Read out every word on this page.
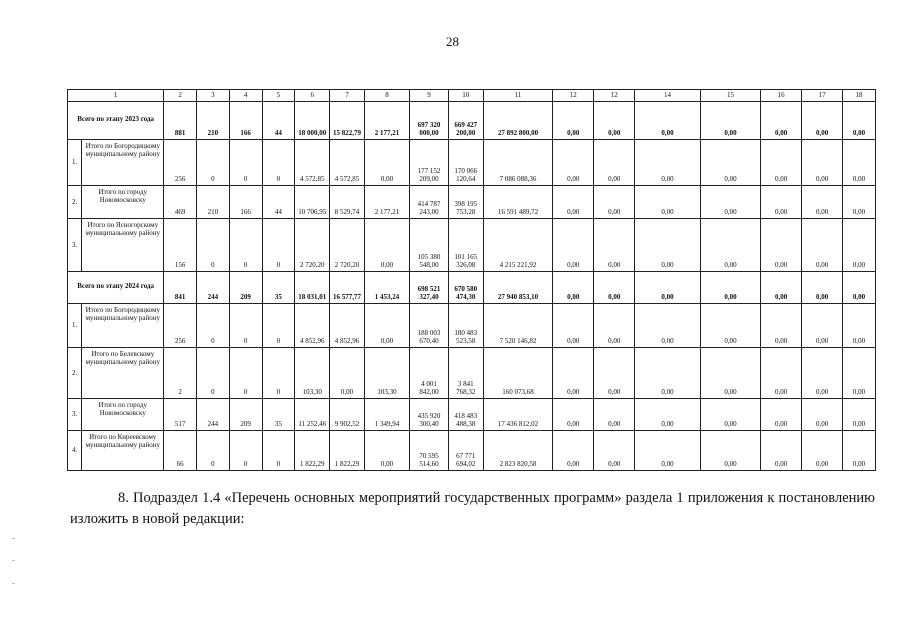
28
1		2	3	4	5	6	7	8	9	10	11	12	12	14	15	16	17	18
Всего по этапу 2023 года		881	210	166	44	18 000,00	15 822,79	2 177,21	697 320 000,00	669 427 200,00	27 892 800,00	0,00	0,00	0,00	0,00	0,00	0,00	0,00
1.	Итого по Богородицкому муниципальному району	256	0	0	0	4 572,85	4 572,85	0,00	177 152 209,00	170 066 120,64	7 086 088,36	0,00	0,00	0,00	0,00	0,00	0,00	0,00
2.	Итого по городу Новомосковску	469	210	166	44	10 706,95	8 529,74	2 177,21	414 787 243,00	398 195 753,28	16 591 489,72	0,00	0,00	0,00	0,00	0,00	0,00	0,00
3.	Итого по Ясногорскому муниципальному району	156	0	0	0	2 720,20	2 720,20	0,00	105 380 548,00	101 165 326,08	4 215 221,92	0,00	0,00	0,00	0,00	0,00	0,00	0,00
Всего по этапу 2024 года		841	244	209	35	18 031,01	16 577,77	1 453,24	698 521 327,40	670 580 474,30	27 940 853,10	0,00	0,00	0,00	0,00	0,00	0,00	0,00
1.	Итого по Богородицкому муниципальному району	256	0	0	0	4 852,96	4 852,96	0,00	188 003 670,40	180 483 523,58	7 520 146,82	0,00	0,00	0,00	0,00	0,00	0,00	0,00
2.	Итого по Белевскому муниципальному району	2	0	0	0	103,30	0,00	103,30	4 001 842,00	3 841 768,32	160 073,68	0,00	0,00	0,00	0,00	0,00	0,00	0,00
3.	Итого по городу Новомосковску	517	244	209	35	11 252,46	9 902,52	1 349,94	435 920 300,40	418 483 488,38	17 436 812,02	0,00	0,00	0,00	0,00	0,00	0,00	0,00
4.	Итого по Киреевскому муниципальному району	66	0	0	0	1 822,29	1 822,29	0,00	70 595 514,60	67 771 694,02	2 823 820,58	0,00	0,00	0,00	0,00	0,00	0,00	0,00
8. Подраздел 1.4 «Перечень основных мероприятий государственных программ» раздела 1 приложения к постановлению изложить в новой редакции:
